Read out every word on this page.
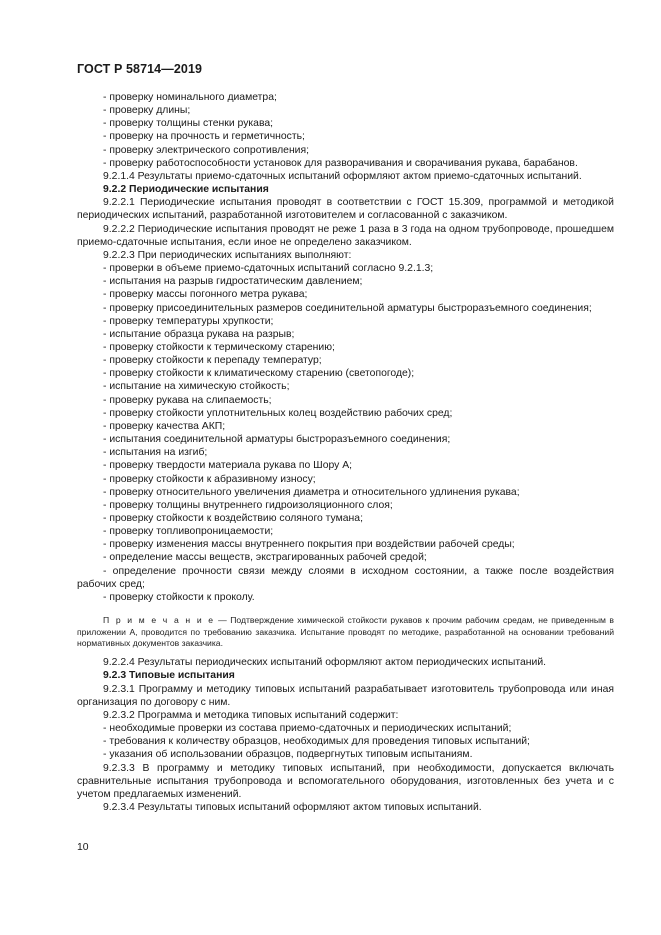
ГОСТ Р 58714—2019

- проверку номинального диаметра;

- проверку длины;

- проверку толщины стенки рукава;

- проверку на прочность и герметичность;

- проверку электрического сопротивления;

- проверку работоспособности установок для разворачивания и сворачивания рукава, барабанов.

9.2.1.4 Результаты приемо-сдаточных испытаний оформляют актом приемо-сдаточных испытаний.

9.2.2 Периодические испытания

9.2.2.1 Периодические испытания проводят в соответствии с ГОСТ 15.309, программой и методикой периодических испытаний, разработанной изготовителем и согласованной с заказчиком.

9.2.2.2 Периодические испытания проводят не реже 1 раза в 3 года на одном трубопроводе, прошедшем приемо-сдаточные испытания, если иное не определено заказчиком.

9.2.2.3 При периодических испытаниях выполняют:

- проверки в объеме приемо-сдаточных испытаний согласно 9.2.1.3;

- испытания на разрыв гидростатическим давлением;

- проверку массы погонного метра рукава;

- проверку присоединительных размеров соединительной арматуры быстроразъемного соединения;

- проверку температуры хрупкости;

- испытание образца рукава на разрыв;

- проверку стойкости к термическому старению;

- проверку стойкости к перепаду температур;

- проверку стойкости к климатическому старению (светопогоде);

- испытание на химическую стойкость;

- проверку рукава на слипаемость;

- проверку стойкости уплотнительных колец воздействию рабочих сред;

- проверку качества АКП;

- испытания соединительной арматуры быстроразъемного соединения;

- испытания на изгиб;

- проверку твердости материала рукава по Шору А;

- проверку стойкости к абразивному износу;

- проверку относительного увеличения диаметра и относительного удлинения рукава;

- проверку толщины внутреннего гидроизоляционного слоя;

- проверку стойкости к воздействию соляного тумана;

- проверку топливопроницаемости;

- проверку изменения массы внутреннего покрытия при воздействии рабочей среды;

- определение массы веществ, экстрагированных рабочей средой;

- определение прочности связи между слоями в исходном состоянии, а также после воздействия рабочих сред;

- проверку стойкости к проколу.

П р и м е ч а н и е — Подтверждение химической стойкости рукавов к прочим рабочим средам, не приведенным в приложении А, проводится по требованию заказчика. Испытание проводят по методике, разработанной на основании требований нормативных документов заказчика.

9.2.2.4 Результаты периодических испытаний оформляют актом периодических испытаний.

9.2.3 Типовые испытания

9.2.3.1 Программу и методику типовых испытаний разрабатывает изготовитель трубопровода или иная организация по договору с ним.

9.2.3.2 Программа и методика типовых испытаний содержит:

- необходимые проверки из состава приемо-сдаточных и периодических испытаний;

- требования к количеству образцов, необходимых для проведения типовых испытаний;

- указания об использовании образцов, подвергнутых типовым испытаниям.

9.2.3.3 В программу и методику типовых испытаний, при необходимости, допускается включать сравнительные испытания трубопровода и вспомогательного оборудования, изготовленных без учета и с учетом предлагаемых изменений.

9.2.3.4 Результаты типовых испытаний оформляют актом типовых испытаний.

10
